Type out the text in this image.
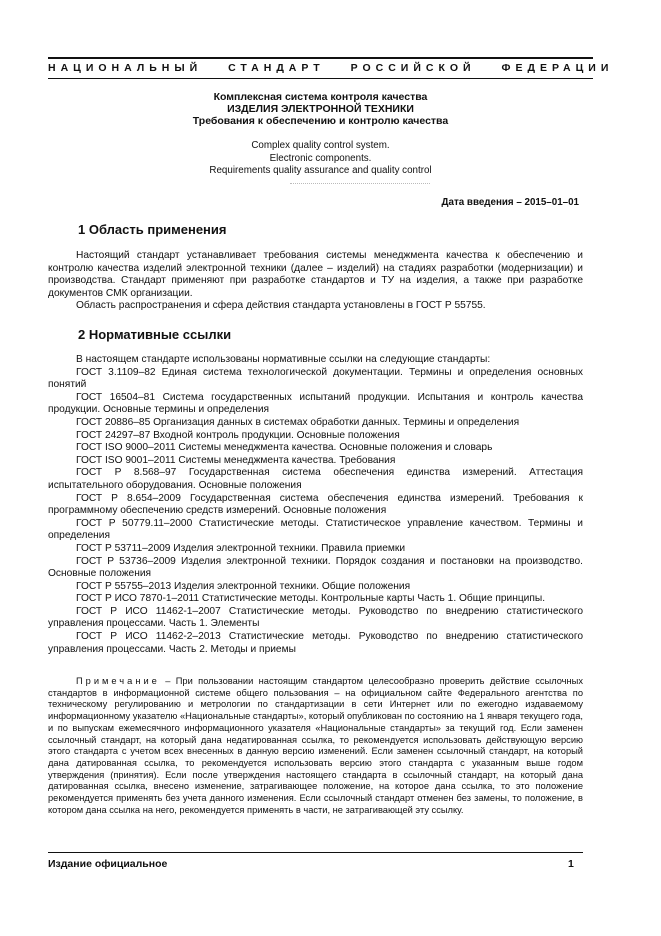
НАЦИОНАЛЬНЫЙ СТАНДАРТ РОССИЙСКОЙ ФЕДЕРАЦИИ
Комплексная система контроля качества
ИЗДЕЛИЯ ЭЛЕКТРОННОЙ ТЕХНИКИ
Требования к обеспечению и контролю качества
Complex quality control system.
Electronic components.
Requirements quality assurance and quality control
Дата введения – 2015–01–01
1 Область применения

Настоящий стандарт устанавливает требования системы менеджмента качества к обеспечению и контролю качества изделий электронной техники (далее – изделий) на стадиях разработки (модернизации) и производства. Стандарт применяют при разработке стандартов и ТУ на изделия, а также при разработке документов СМК организации.

Область распространения и сфера действия стандарта установлены в ГОСТ Р 55755.

2 Нормативные ссылки

В настоящем стандарте использованы нормативные ссылки на следующие стандарты:

ГОСТ 3.1109–82 Единая система технологической документации. Термины и определения основных понятий

ГОСТ 16504–81 Система государственных испытаний продукции. Испытания и контроль качества продукции. Основные термины и определения

ГОСТ 20886–85 Организация данных в системах обработки данных. Термины и определения

ГОСТ 24297–87 Входной контроль продукции. Основные положения

ГОСТ ISO 9000–2011 Системы менеджмента качества. Основные положения и словарь

ГОСТ ISO 9001–2011 Системы менеджмента качества. Требования

ГОСТ Р 8.568–97 Государственная система обеспечения единства измерений. Аттестация испытательного оборудования. Основные положения

ГОСТ Р 8.654–2009 Государственная система обеспечения единства измерений. Требования к программному обеспечению средств измерений. Основные положения

ГОСТ Р 50779.11–2000 Статистические методы. Статистическое управление качеством. Термины и определения

ГОСТ Р 53711–2009 Изделия электронной техники. Правила приемки

ГОСТ Р 53736–2009 Изделия электронной техники. Порядок создания и постановки на производство. Основные положения

ГОСТ Р 55755–2013 Изделия электронной техники. Общие положения

ГОСТ Р ИСО 7870-1–2011 Статистические методы. Контрольные карты Часть 1. Общие принципы.

ГОСТ Р ИСО 11462-1–2007 Статистические методы. Руководство по внедрению статистического управления процессами. Часть 1. Элементы

ГОСТ Р ИСО 11462-2–2013 Статистические методы. Руководство по внедрению статистического управления процессами. Часть 2. Методы и приемы

Примечание – При пользовании настоящим стандартом целесообразно проверить действие ссылочных стандартов в информационной системе общего пользования – на официальном сайте Федерального агентства по техническому регулированию и метрологии по стандартизации в сети Интернет или по ежегодно издаваемому информационному указателю «Национальные стандарты», который опубликован по состоянию на 1 января текущего года, и по выпускам ежемесячного информационного указателя «Национальные стандарты» за текущий год. Если заменен ссылочный стандарт, на который дана недатированная ссылка, то рекомендуется использовать действующую версию этого стандарта с учетом всех внесенных в данную версию изменений. Если заменен ссылочный стандарт, на который дана датированная ссылка, то рекомендуется использовать версию этого стандарта с указанным выше годом утверждения (принятия). Если после утверждения настоящего стандарта в ссылочный стандарт, на который дана датированная ссылка, внесено изменение, затрагивающее положение, на которое дана ссылка, то это положение рекомендуется применять без учета данного изменения. Если ссылочный стандарт отменен без замены, то положение, в котором дана ссылка на него, рекомендуется применять в части, не затрагивающей эту ссылку.

Издание официальное	1
